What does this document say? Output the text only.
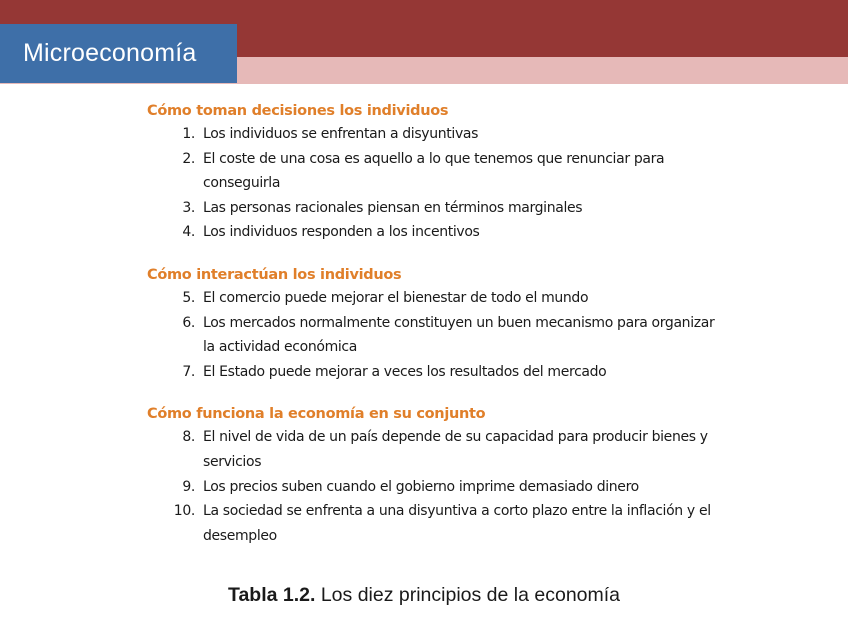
Microeconomía
Cómo toman decisiones los individuos
1. Los individuos se enfrentan a disyuntivas
2. El coste de una cosa es aquello a lo que tenemos que renunciar para conseguirla
3. Las personas racionales piensan en términos marginales
4. Los individuos responden a los incentivos
Cómo interactúan los individuos
5. El comercio puede mejorar el bienestar de todo el mundo
6. Los mercados normalmente constituyen un buen mecanismo para organizar la actividad económica
7. El Estado puede mejorar a veces los resultados del mercado
Cómo funciona la economía en su conjunto
8. El nivel de vida de un país depende de su capacidad para producir bienes y servicios
9. Los precios suben cuando el gobierno imprime demasiado dinero
10. La sociedad se enfrenta a una disyuntiva a corto plazo entre la inflación y el desempleo
Tabla 1.2. Los diez principios de la economía
